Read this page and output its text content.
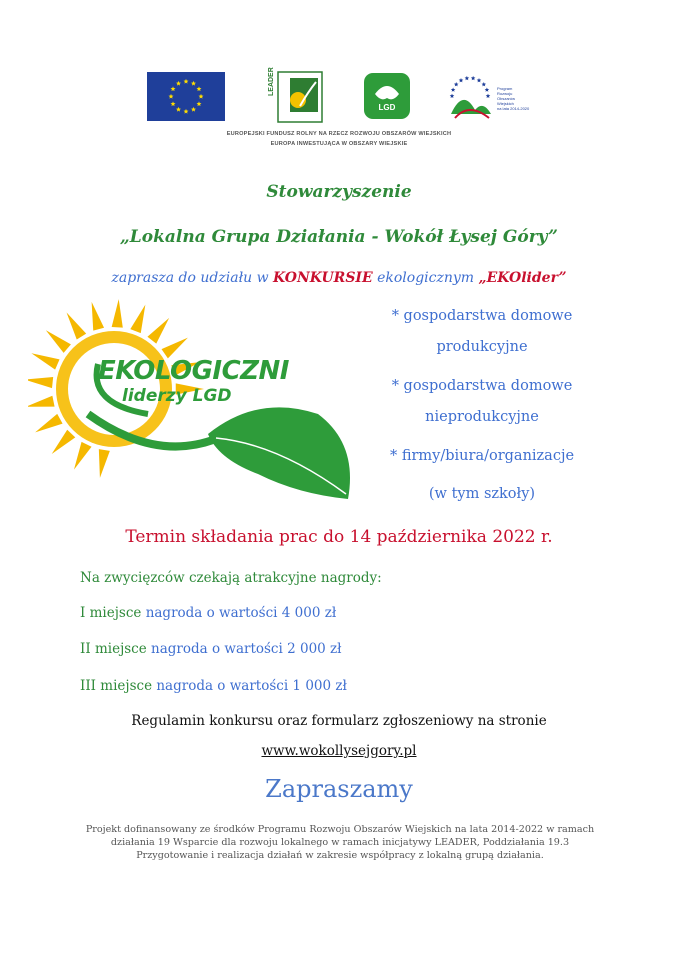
LEADER
LGD
Program
Rozwoju
Obszarów
Wiejskich
na lata 2014-2020
EUROPEJSKI FUNDUSZ ROLNY NA RZECZ ROZWOJU OBSZARÓW WIEJSKICH
EUROPA INWESTUJĄCA W OBSZARY WIEJSKIE
Stowarzyszenie
„Lokalna Grupa Działania - Wokół Łysej Góry”
zaprasza do udziału w KONKURSIE ekologicznym „EKOlider”
EKOLOGICZNI
liderzy LGD
* gospodarstwa domowe
produkcyjne
* gospodarstwa domowe
nieprodukcyjne
* firmy/biura/organizacje
(w tym szkoły)
Termin składania prac do 14 października 2022 r.
Na zwycięzców czekają atrakcyjne nagrody:
I miejsce nagroda o wartości 4 000 zł
II miejsce nagroda o wartości 2 000 zł
III miejsce nagroda o wartości 1 000 zł
Regulamin konkursu oraz formularz zgłoszeniowy na stronie
www.wokollysejgory.pl
Zapraszamy
Projekt dofinansowany ze środków Programu Rozwoju Obszarów Wiejskich na lata 2014-2022 w ramach działania 19 Wsparcie dla rozwoju lokalnego w ramach inicjatywy LEADER, Poddziałania 19.3 Przygotowanie i realizacja działań w zakresie współpracy z lokalną grupą działania.
